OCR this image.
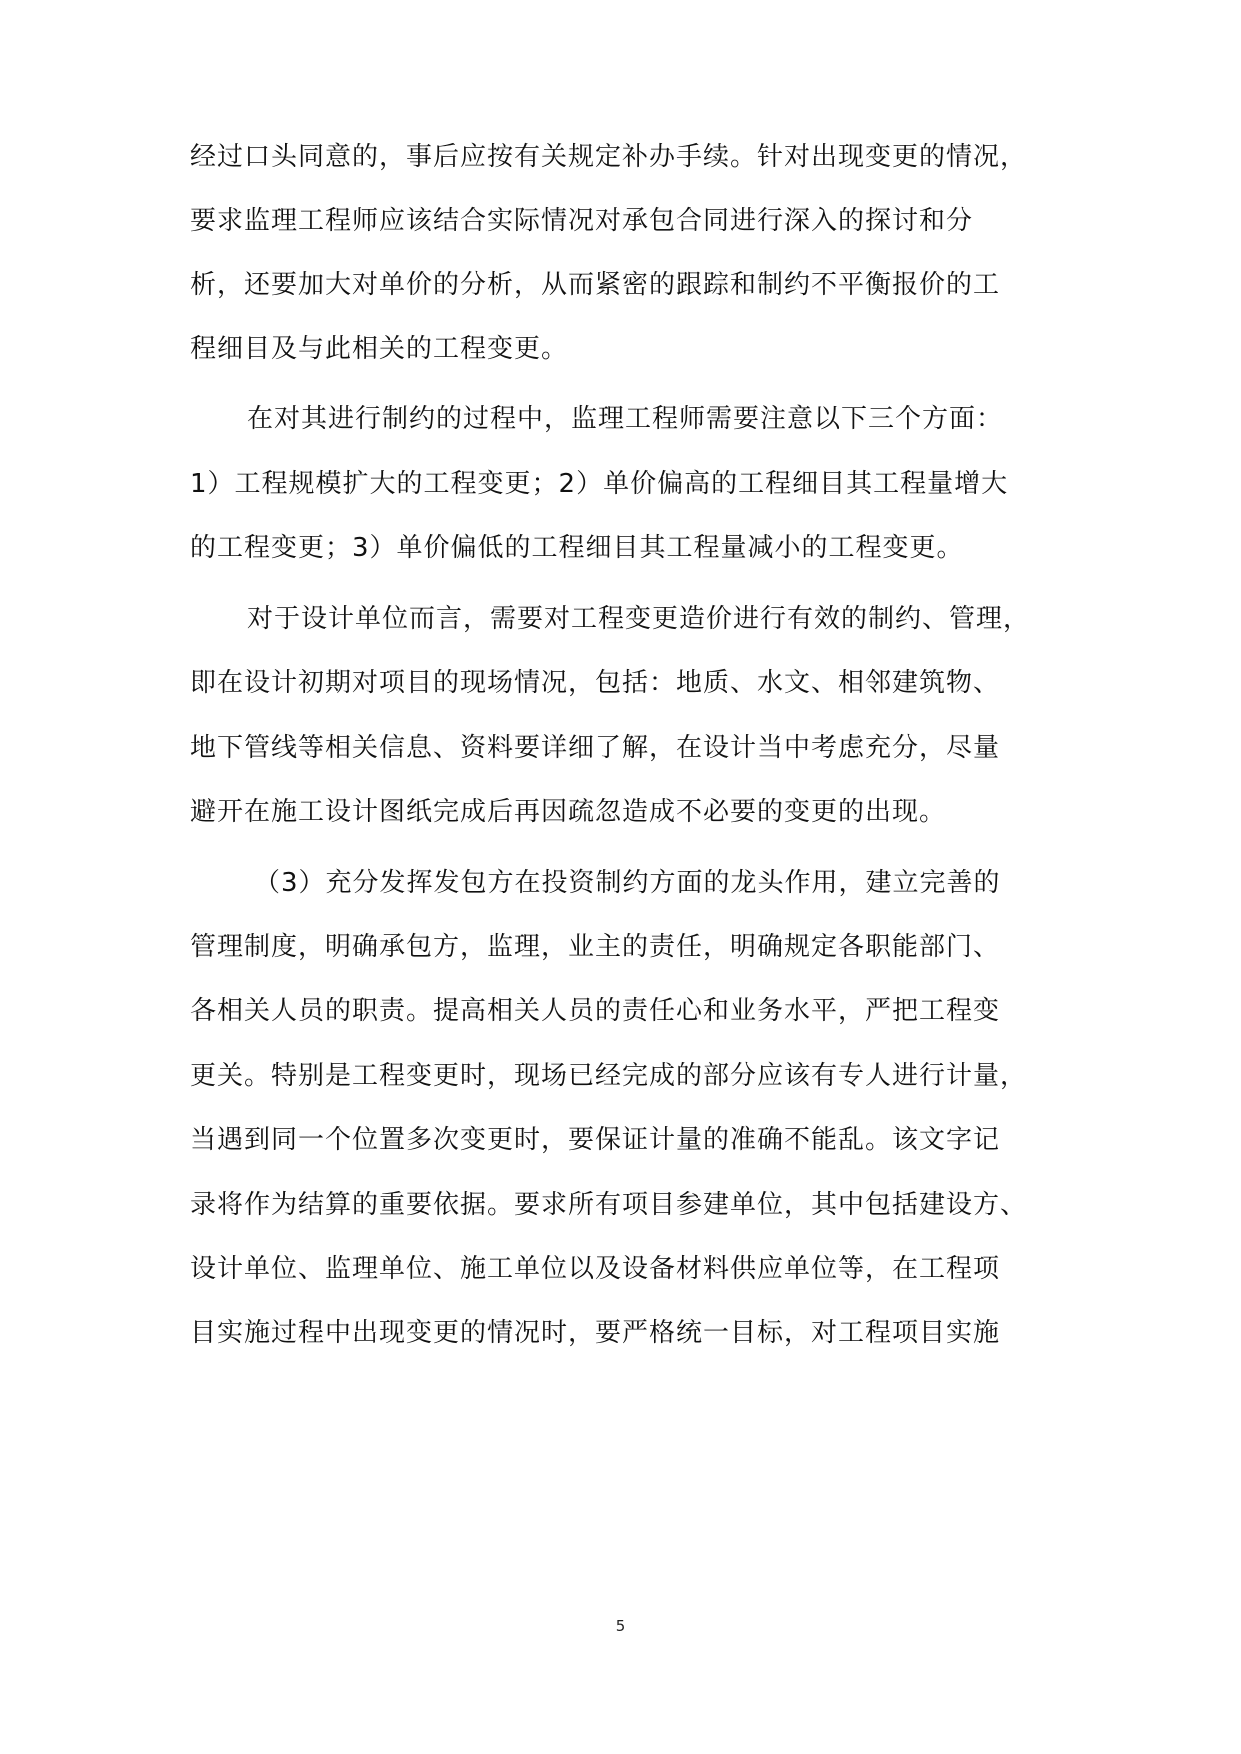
经过口头同意的，事后应按有关规定补办手续。针对出现变更的情况，
要求监理工程师应该结合实际情况对承包合同进行深入的探讨和分
析，还要加大对单价的分析，从而紧密的跟踪和制约不平衡报价的工
程细目及与此相关的工程变更。
在对其进行制约的过程中，监理工程师需要注意以下三个方面：
1）工程规模扩大的工程变更；2）单价偏高的工程细目其工程量增大
的工程变更；3）单价偏低的工程细目其工程量减小的工程变更。
对于设计单位而言，需要对工程变更造价进行有效的制约、管理，
即在设计初期对项目的现场情况，包括：地质、水文、相邻建筑物、
地下管线等相关信息、资料要详细了解，在设计当中考虑充分，尽量
避开在施工设计图纸完成后再因疏忽造成不必要的变更的出现。
（3）充分发挥发包方在投资制约方面的龙头作用，建立完善的
管理制度，明确承包方，监理，业主的责任，明确规定各职能部门、
各相关人员的职责。提高相关人员的责任心和业务水平，严把工程变
更关。特别是工程变更时，现场已经完成的部分应该有专人进行计量，
当遇到同一个位置多次变更时，要保证计量的准确不能乱。该文字记
录将作为结算的重要依据。要求所有项目参建单位，其中包括建设方、
设计单位、监理单位、施工单位以及设备材料供应单位等，在工程项
目实施过程中出现变更的情况时，要严格统一目标，对工程项目实施
5
